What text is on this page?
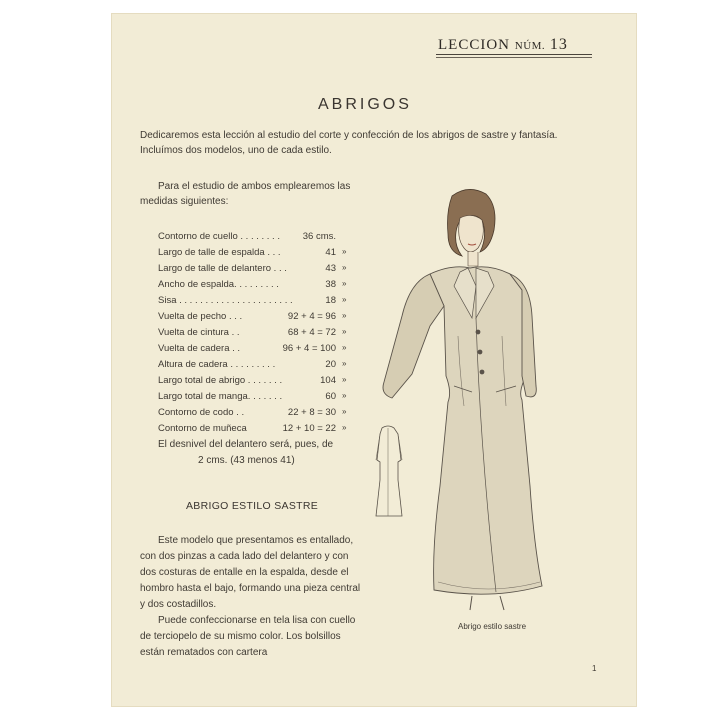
LECCION NÚM. 13
ABRIGOS
Dedicaremos esta lección al estudio del corte y confección de los abrigos de sastre y fantasía.
Incluímos dos modelos, uno de cada estilo.
Para el estudio de ambos emplearemos las
medidas siguientes:
Contorno de cuello . . . . . . . . 36 cms.
Largo de talle de espalda . . .	41 »
Largo de talle de delantero . . .	43 »
Ancho de espalda. . . . . . . . .	38 »
Sisa . . . . . . . . . . . . . . . . . . . . . .	18 »
Vuelta de pecho . . .	92 + 4 = 96 »
Vuelta de cintura . .	68 + 4 = 72 »
Vuelta de cadera . .	96 + 4 = 100 »
Altura de cadera . . . . . . . . .	20 »
Largo total de abrigo . . . . . . .	104 »
Largo total de manga. . . . . . .	60 »
Contorno de codo . .	22 + 8 = 30 »
Contorno de muñeca	12 + 10 = 22 »
El desnivel del delantero será, pues, de
2 cms. (43 menos 41)
ABRIGO ESTILO SASTRE
Este modelo que presentamos es entallado,
con dos pinzas a cada lado del delantero y con
dos costuras de entalle en la espalda, desde el
hombro hasta el bajo, formando una pieza central
y dos costadillos.
Puede confeccionarse en tela lisa con cuello
de terciopelo de su mismo color. Los bolsillos
están rematados con cartera
Abrigo estilo sastre
1
